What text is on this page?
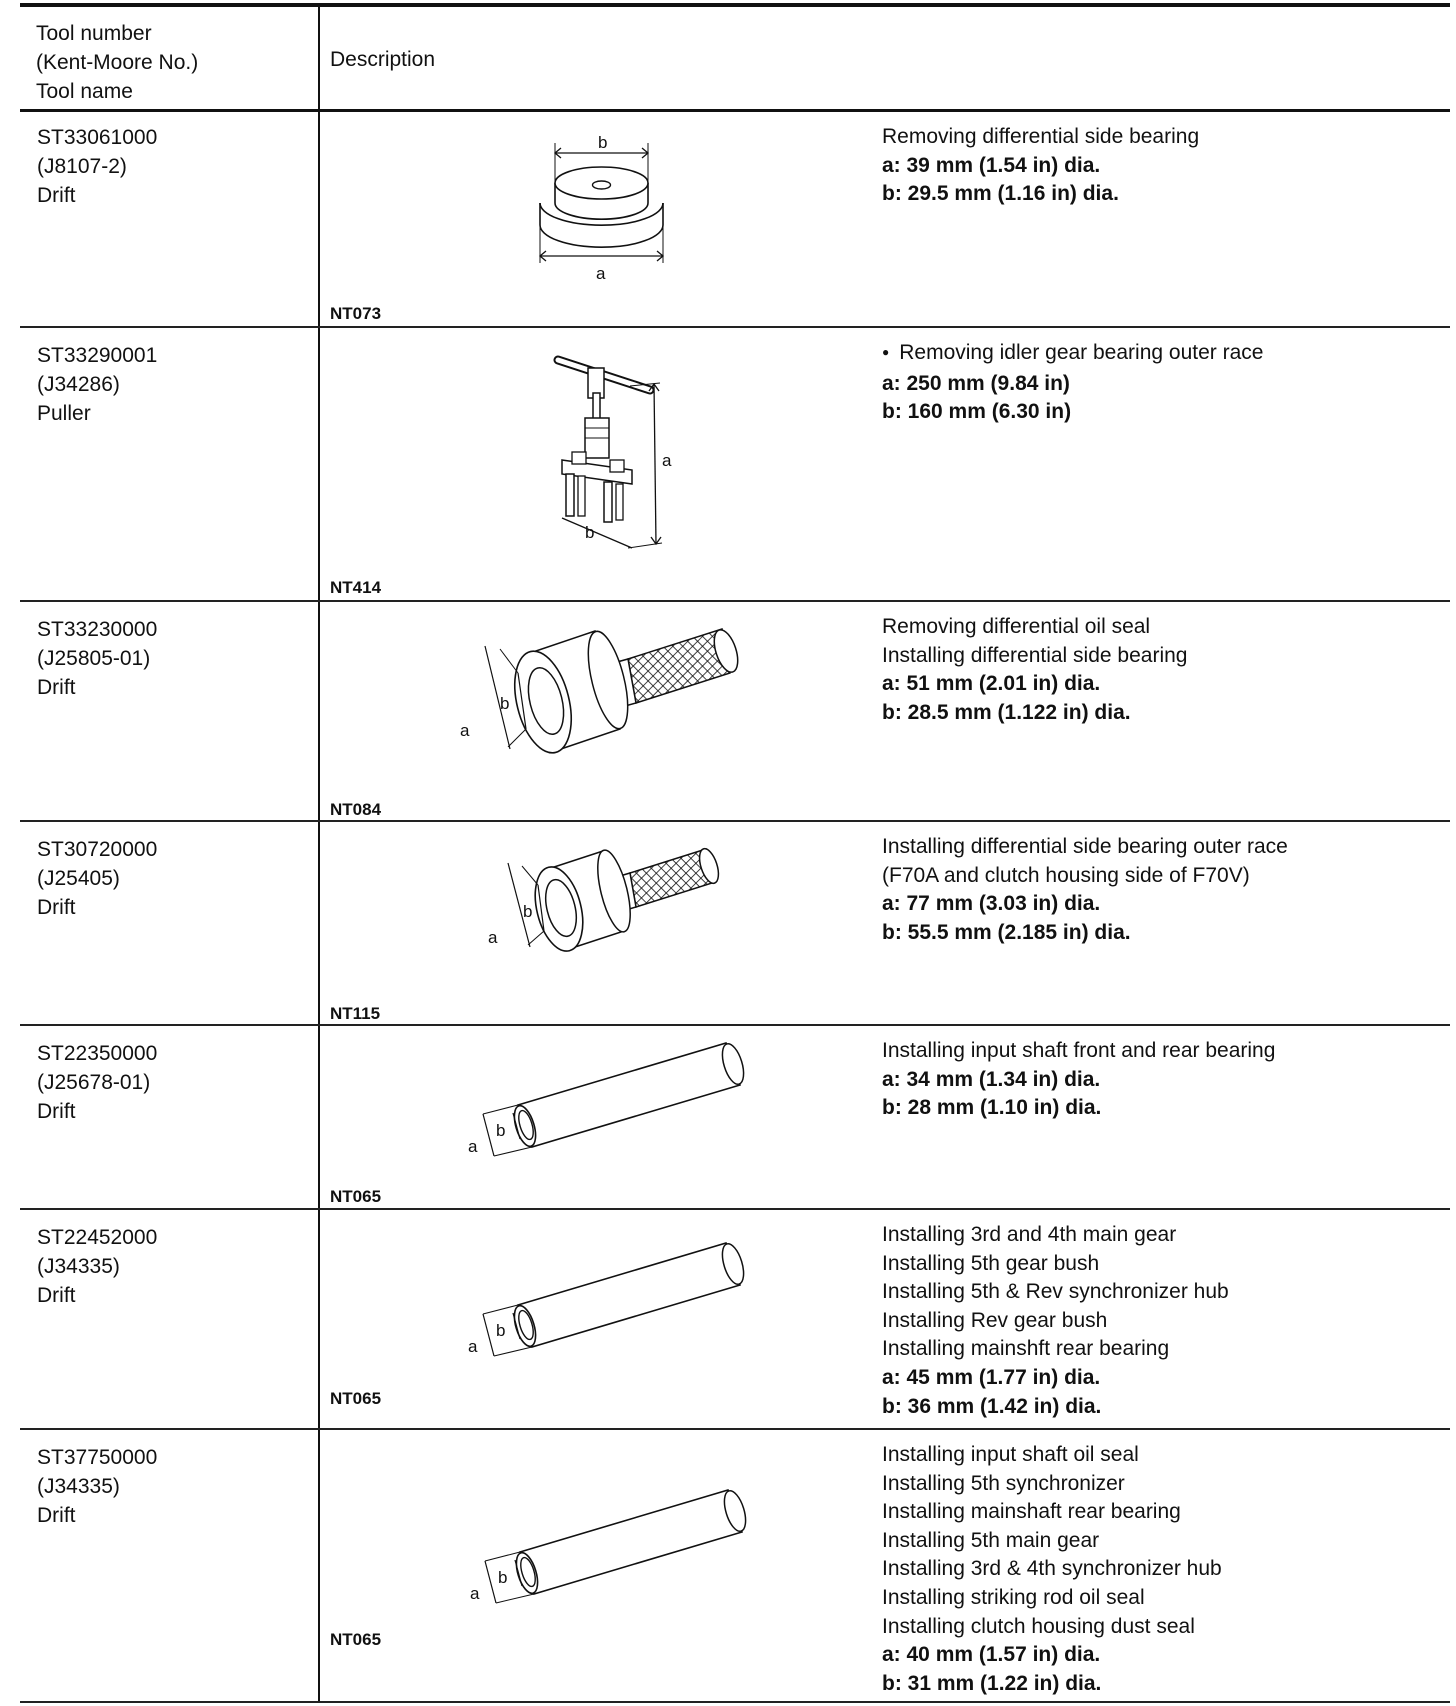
Tool number
(Kent-Moore No.)
Tool name
Description
ST33061000
(J8107-2)
Drift
b
a
NT073
Removing differential side bearing
a: 39 mm (1.54 in) dia.
b: 29.5 mm (1.16 in) dia.
ST33290001
(J34286)
Puller
b
a
NT414
● Removing idler gear bearing outer race
a: 250 mm (9.84 in)
b: 160 mm (6.30 in)
ST33230000
(J25805-01)
Drift
b
a
NT084
Removing differential oil seal
Installing differential side bearing
a: 51 mm (2.01 in) dia.
b: 28.5 mm (1.122 in) dia.
ST30720000
(J25405)
Drift	b
a
NT115
Installing differential side bearing outer race
(F70A and clutch housing side of F70V)
a: 77 mm (3.03 in) dia.
b: 55.5 mm (2.185 in) dia.
ST22350000
(J25678-01)
Drift
b
a
NT065
Installing input shaft front and rear bearing
a: 34 mm (1.34 in) dia.
b: 28 mm (1.10 in) dia.
ST22452000
(J34335)
Drift
b
a
NT065
Installing 3rd and 4th main gear
Installing 5th gear bush
Installing 5th & Rev synchronizer hub
Installing Rev gear bush
Installing mainshft rear bearing
a: 45 mm (1.77 in) dia.
b: 36 mm (1.42 in) dia.
ST37750000
(J34335)
Drift
b
a
NT065
Installing input shaft oil seal
Installing 5th synchronizer
Installing mainshaft rear bearing
Installing 5th main gear
Installing 3rd & 4th synchronizer hub
Installing striking rod oil seal
Installing clutch housing dust seal
a: 40 mm (1.57 in) dia.
b: 31 mm (1.22 in) dia.
